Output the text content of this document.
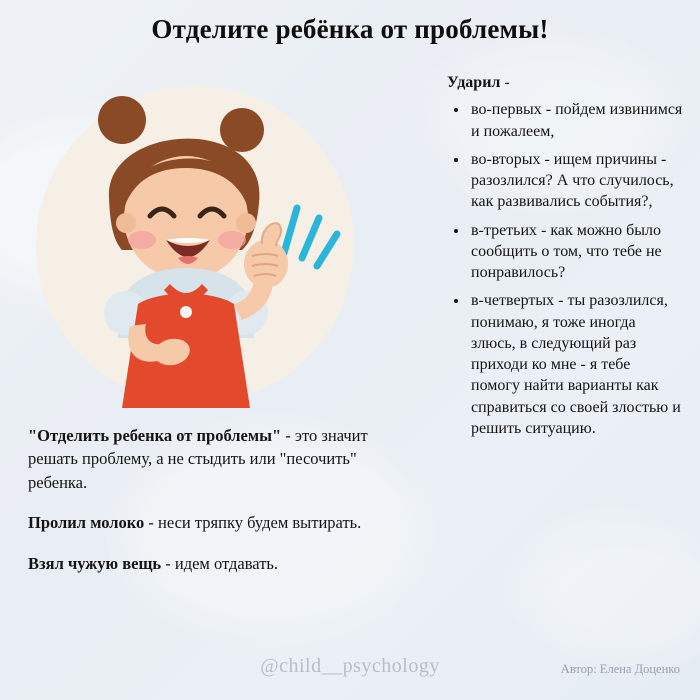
Отделите ребёнка от проблемы!

"Отделить ребенка от проблемы" - это значит решать проблему, а не стыдить или "песочить" ребенка.

Пролил молоко - неси тряпку будем вытирать.

Взял чужую вещь - идем отдавать.

Ударил -
• во-первых - пойдем извинимся и пожалеем,
• во-вторых - ищем причины - разозлился? А что случилось, как развивались события?,
• в-третьих - как можно было сообщить о том, что тебе не понравилось?
• в-четвертых - ты разозлился, понимаю, я тоже иногда злюсь, в следующий раз приходи ко мне - я тебе помогу найти варианты как справиться со своей злостью и решить ситуацию.
@child__psychology	Автор: Елена Доценко
